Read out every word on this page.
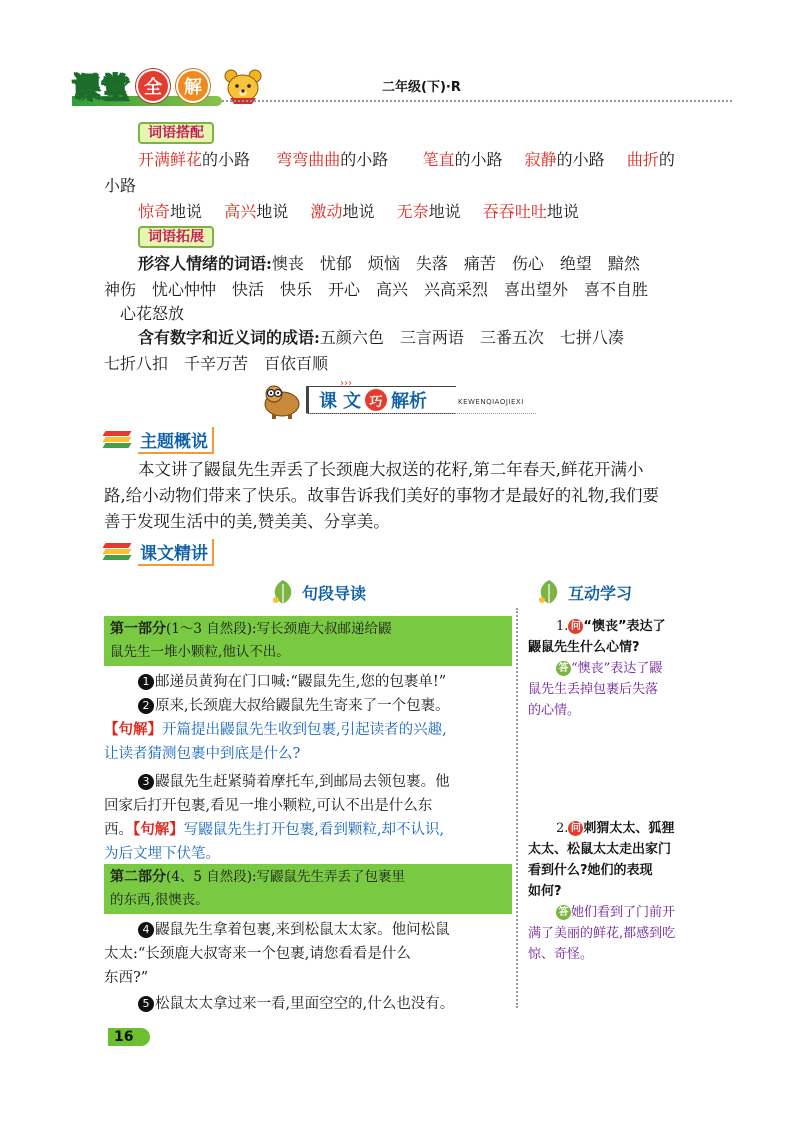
课堂 全	解	二年级(下)·R
词语搭配
开满鲜花的小路 弯弯曲曲的小路 笔直的小路 寂静的小路 曲折的
小路
惊奇地说 高兴地说 激动地说 无奈地说 吞吞吐吐地说
词语拓展
形容人情绪的词语:懊丧　忧郁　烦恼　失落　痛苦　伤心　绝望　黯然
神伤　忧心忡忡　快活　快乐　开心　高兴　兴高采烈　喜出望外　喜不自胜
心花怒放
含有数字和近义词的成语:五颜六色　三言两语　三番五次　七拼八凑
七折八扣　千辛万苦　百依百顺
课 文 巧 解析	KEWENQIAOJIEXI
›››
主题概说
本文讲了鼹鼠先生弄丢了长颈鹿大叔送的花籽,第二年春天,鲜花开满小
路,给小动物们带来了快乐。故事告诉我们美好的事物才是最好的礼物,我们要
善于发现生活中的美,赞美美、分享美。
课文精讲
句段导读	互动学习
第一部分(1～3 自然段):写长颈鹿大叔邮递给鼹
鼠先生一堆小颗粒,他认不出。
1 邮递员黄狗在门口喊:“鼹鼠先生,您的包裹单!”
2 原来,长颈鹿大叔给鼹鼠先生寄来了一个包裹。
【句解】开篇提出鼹鼠先生收到包裹,引起读者的兴趣,
让读者猜测包裹中到底是什么?
3 鼹鼠先生赶紧骑着摩托车,到邮局去领包裹。他
回家后打开包裹,看见一堆小颗粒,可认不出是什么东
西。【句解】写鼹鼠先生打开包裹,看到颗粒,却不认识,
为后文埋下伏笔。
第二部分(4、5 自然段):写鼹鼠先生弄丢了包裹里
的东西,很懊丧。
4 鼹鼠先生拿着包裹,来到松鼠太太家。他问松鼠
太太:“长颈鹿大叔寄来一个包裹,请您看看是什么
东西?”
5 松鼠太太拿过来一看,里面空空的,什么也没有。
1. 问 “懊丧”表达了
鼹鼠先生什么心情?
答 “懊丧”表达了鼹
鼠先生丢掉包裹后失落
的心情。
2. 问 刺猬太太、狐狸
太太、松鼠太太走出家门
看到什么?她们的表现
如何?
答 她们看到了门前开
满了美丽的鲜花,都感到吃
惊、奇怪。
16
